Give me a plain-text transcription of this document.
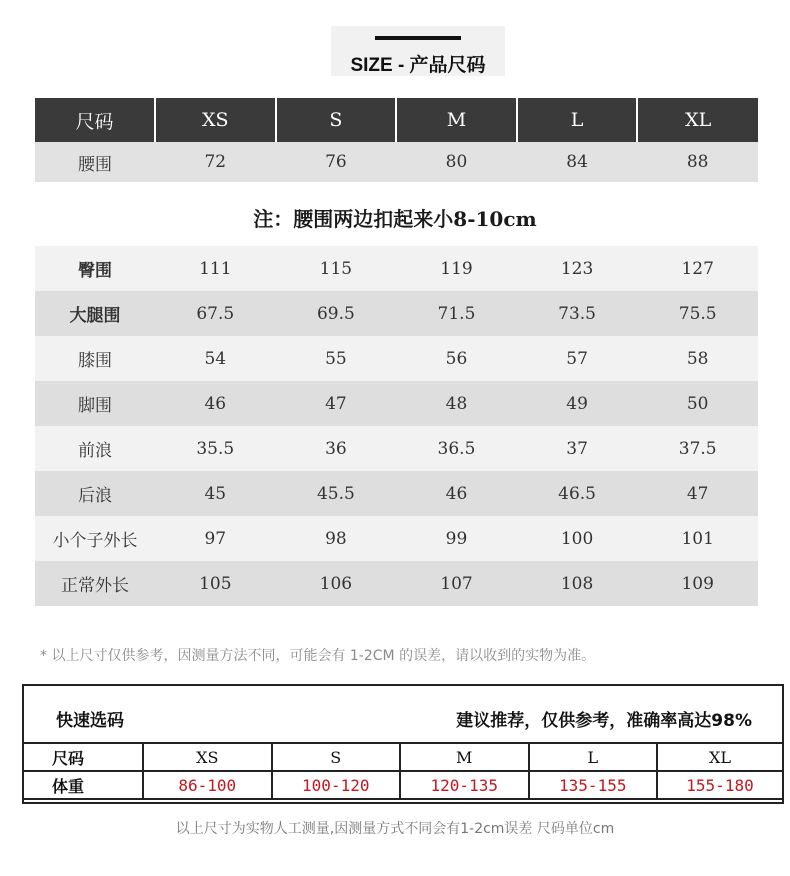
SIZE - 产品尺码
尺码	XS	S	M	L	XL
腰围	72	76	80	84	88
注：腰围两边扣起来小8-10cm
臀围	111	115	119	123	127
大腿围	67.5	69.5	71.5	73.5	75.5
膝围	54	55	56	57	58
脚围	46	47	48	49	50
前浪	35.5	36	36.5	37	37.5
后浪	45	45.5	46	46.5	47
小个子外长	97	98	99	100	101
正常外长	105	106	107	108	109
* 以上尺寸仅供参考，因测量方法不同，可能会有 1-2CM 的误差，请以收到的实物为准。
快速选码	建议推荐，仅供参考，准确率高达98%
尺码	XS	S	M	L	XL
体重	86-100	100-120	120-135	135-155	155-180
以上尺寸为实物人工测量,因测量方式不同会有1-2cm误差 尺码单位cm
